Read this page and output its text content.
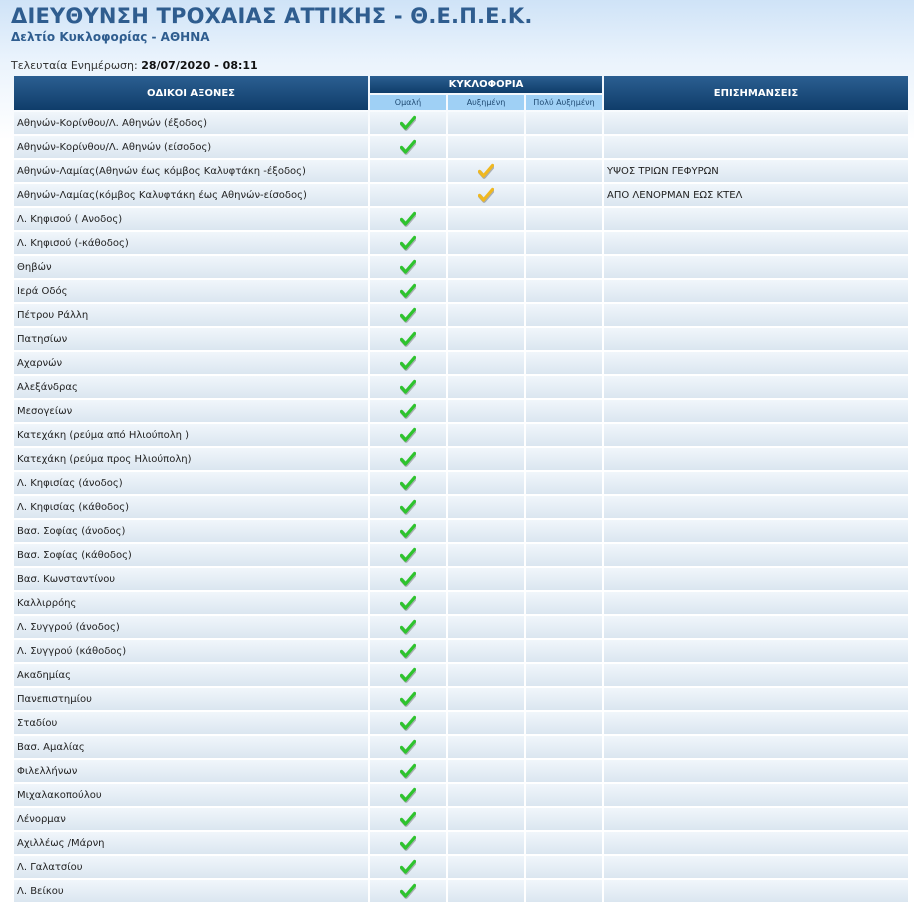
ΔΙΕΥΘΥΝΣΗ ΤΡΟΧΑΙΑΣ ΑΤΤΙΚΗΣ - Θ.Ε.Π.Ε.Κ.
Δελτίο Κυκλοφορίας - ΑΘΗΝΑ
Τελευταία Ενημέρωση: 28/07/2020 - 08:11
ΟΔΙΚΟΙ ΑΞΟΝΕΣ	ΚΥΚΛΟΦΟΡΙΑ			ΕΠΙΣΗΜΑΝΣΕΙΣ
	Ομαλή	Αυξημένη	Πολύ Αυξημένη	
Αθηνών-Κορίνθου/Λ. Αθηνών (έξοδος)				
Αθηνών-Κορίνθου/Λ. Αθηνών (είσοδος)				
Αθηνών-Λαμίας(Αθηνών έως κόμβος Καλυφτάκη -έξοδος)				ΥΨΟΣ ΤΡΙΩΝ ΓΕΦΥΡΩΝ
Αθηνών-Λαμίας(κόμβος Καλυφτάκη έως Αθηνών-είσοδος)				ΑΠΟ ΛΕΝΟΡΜΑΝ ΕΩΣ ΚΤΕΛ
Λ. Κηφισού ( Ανοδος)				
Λ. Κηφισού (-κάθοδος)				
Θηβών				
Ιερά Οδός				
Πέτρου Ράλλη				
Πατησίων				
Αχαρνών				
Αλεξάνδρας				
Μεσογείων				
Κατεχάκη (ρεύμα από Ηλιούπολη )				
Κατεχάκη (ρεύμα προς Ηλιούπολη)				
Λ. Κηφισίας (άνοδος)				
Λ. Κηφισίας (κάθοδος)				
Βασ. Σοφίας (άνοδος)				
Βασ. Σοφίας (κάθοδος)				
Βασ. Κωνσταντίνου				
Καλλιρρόης				
Λ. Συγγρού (άνοδος)				
Λ. Συγγρού (κάθοδος)				
Ακαδημίας				
Πανεπιστημίου				
Σταδίου				
Βασ. Αμαλίας				
Φιλελλήνων				
Μιχαλακοπούλου				
Λένορμαν				
Αχιλλέως /Μάρνη				
Λ. Γαλατσίου				
Λ. Βείκου				
